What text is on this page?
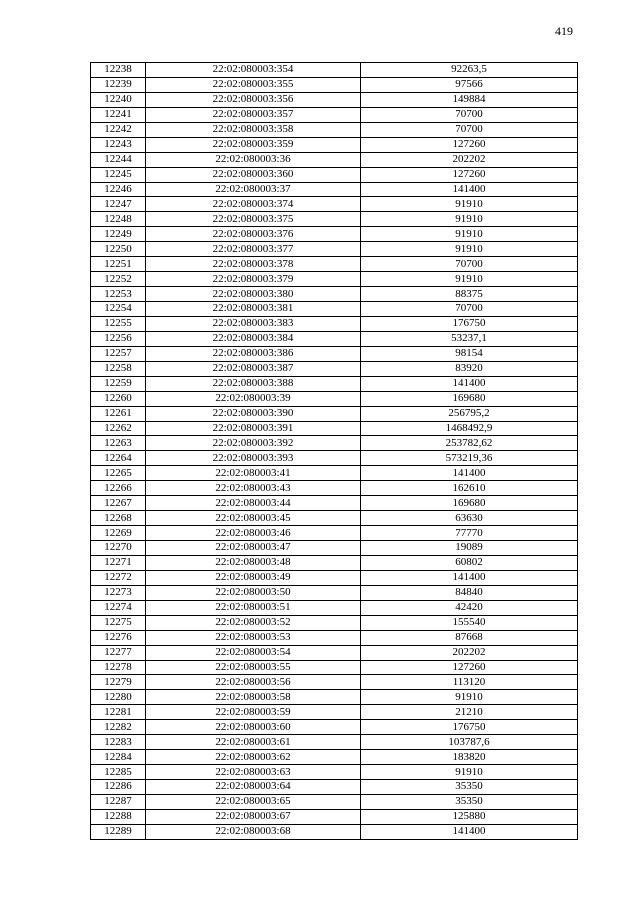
419
12238	22:02:080003:354	92263,5
12239	22:02:080003:355	97566
12240	22:02:080003:356	149884
12241	22:02:080003:357	70700
12242	22:02:080003:358	70700
12243	22:02:080003:359	127260
12244	22:02:080003:36	202202
12245	22:02:080003:360	127260
12246	22:02:080003:37	141400
12247	22:02:080003:374	91910
12248	22:02:080003:375	91910
12249	22:02:080003:376	91910
12250	22:02:080003:377	91910
12251	22:02:080003:378	70700
12252	22:02:080003:379	91910
12253	22:02:080003:380	88375
12254	22:02:080003:381	70700
12255	22:02:080003:383	176750
12256	22:02:080003:384	53237,1
12257	22:02:080003:386	98154
12258	22:02:080003:387	83920
12259	22:02:080003:388	141400
12260	22:02:080003:39	169680
12261	22:02:080003:390	256795,2
12262	22:02:080003:391	1468492,9
12263	22:02:080003:392	253782,62
12264	22:02:080003:393	573219,36
12265	22:02:080003:41	141400
12266	22:02:080003:43	162610
12267	22:02:080003:44	169680
12268	22:02:080003:45	63630
12269	22:02:080003:46	77770
12270	22:02:080003:47	19089
12271	22:02:080003:48	60802
12272	22:02:080003:49	141400
12273	22:02:080003:50	84840
12274	22:02:080003:51	42420
12275	22:02:080003:52	155540
12276	22:02:080003:53	87668
12277	22:02:080003:54	202202
12278	22:02:080003:55	127260
12279	22:02:080003:56	113120
12280	22:02:080003:58	91910
12281	22:02:080003:59	21210
12282	22:02:080003:60	176750
12283	22:02:080003:61	103787,6
12284	22:02:080003:62	183820
12285	22:02:080003:63	91910
12286	22:02:080003:64	35350
12287	22:02:080003:65	35350
12288	22:02:080003:67	125880
12289	22:02:080003:68	141400
